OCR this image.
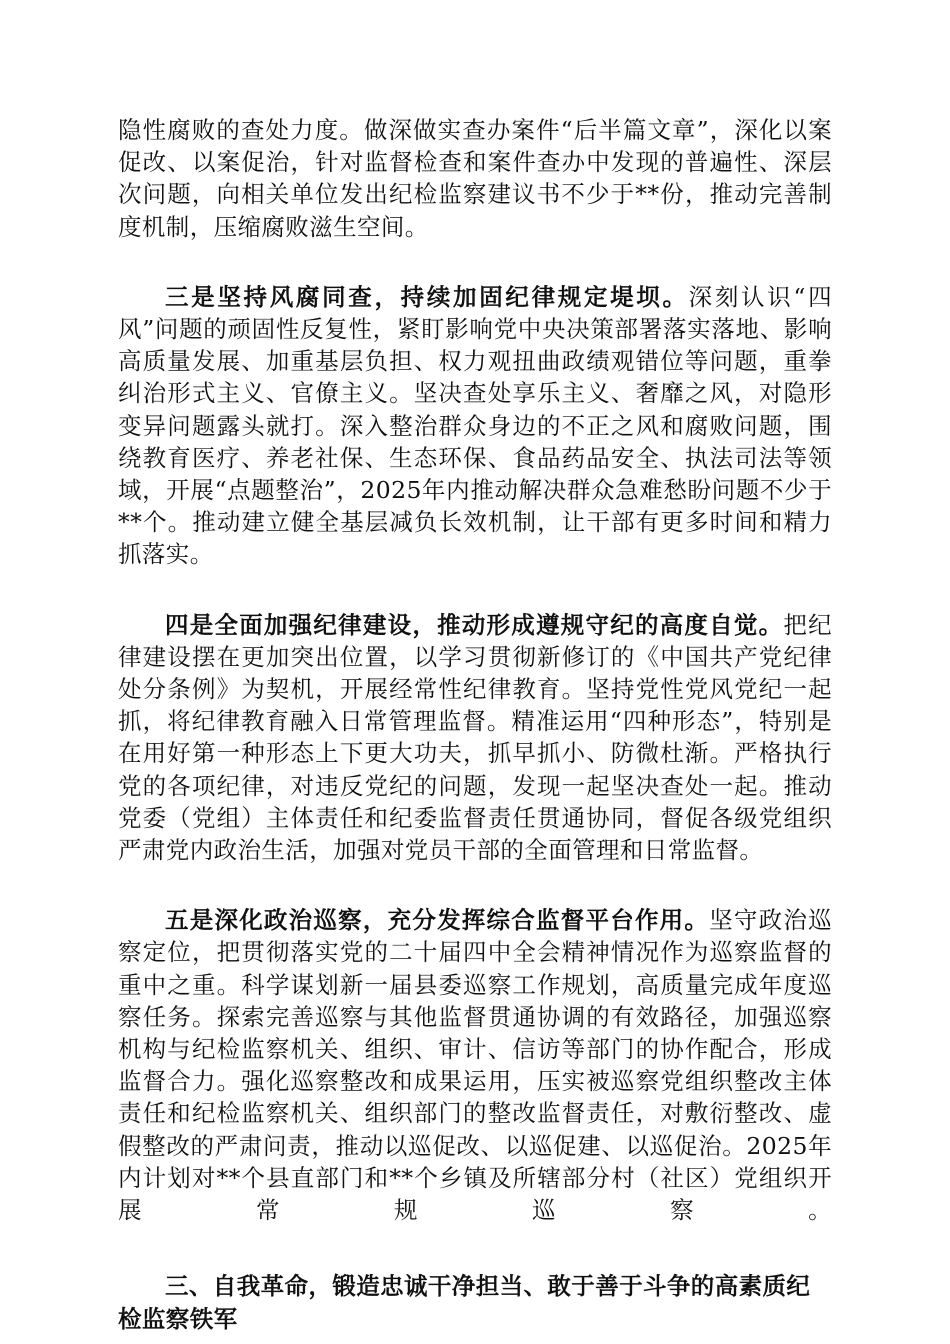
隐性腐败的查处力度。做深做实查办案件“后半篇文章”，深化以案促改、以案促治，针对监督检查和案件查办中发现的普遍性、深层次问题，向相关单位发出纪检监察建议书不少于**份，推动完善制度机制，压缩腐败滋生空间。

三是坚持风腐同查，持续加固纪律规定堤坝。深刻认识“四风”问题的顽固性反复性，紧盯影响党中央决策部署落实落地、影响高质量发展、加重基层负担、权力观扭曲政绩观错位等问题，重拳纠治形式主义、官僚主义。坚决查处享乐主义、奢靡之风，对隐形变异问题露头就打。深入整治群众身边的不正之风和腐败问题，围绕教育医疗、养老社保、生态环保、食品药品安全、执法司法等领域，开展“点题整治”，2025年内推动解决群众急难愁盼问题不少于**个。推动建立健全基层减负长效机制，让干部有更多时间和精力抓落实。

四是全面加强纪律建设，推动形成遵规守纪的高度自觉。把纪律建设摆在更加突出位置，以学习贯彻新修订的《中国共产党纪律处分条例》为契机，开展经常性纪律教育。坚持党性党风党纪一起抓，将纪律教育融入日常管理监督。精准运用“四种形态”，特别是在用好第一种形态上下更大功夫，抓早抓小、防微杜渐。严格执行党的各项纪律，对违反党纪的问题，发现一起坚决查处一起。推动党委（党组）主体责任和纪委监督责任贯通协同，督促各级党组织严肃党内政治生活，加强对党员干部的全面管理和日常监督。

五是深化政治巡察，充分发挥综合监督平台作用。坚守政治巡察定位，把贯彻落实党的二十届四中全会精神情况作为巡察监督的重中之重。科学谋划新一届县委巡察工作规划，高质量完成年度巡察任务。探索完善巡察与其他监督贯通协调的有效路径，加强巡察机构与纪检监察机关、组织、审计、信访等部门的协作配合，形成监督合力。强化巡察整改和成果运用，压实被巡察党组织整改主体责任和纪检监察机关、组织部门的整改监督责任，对敷衍整改、虚假整改的严肃问责，推动以巡促改、以巡促建、以巡促治。2025年内计划对**个县直部门和**个乡镇及所辖部分村（社区）党组织开展常规巡察。

三、自我革命，锻造忠诚干净担当、敢于善于斗争的高素质纪检监察铁军
